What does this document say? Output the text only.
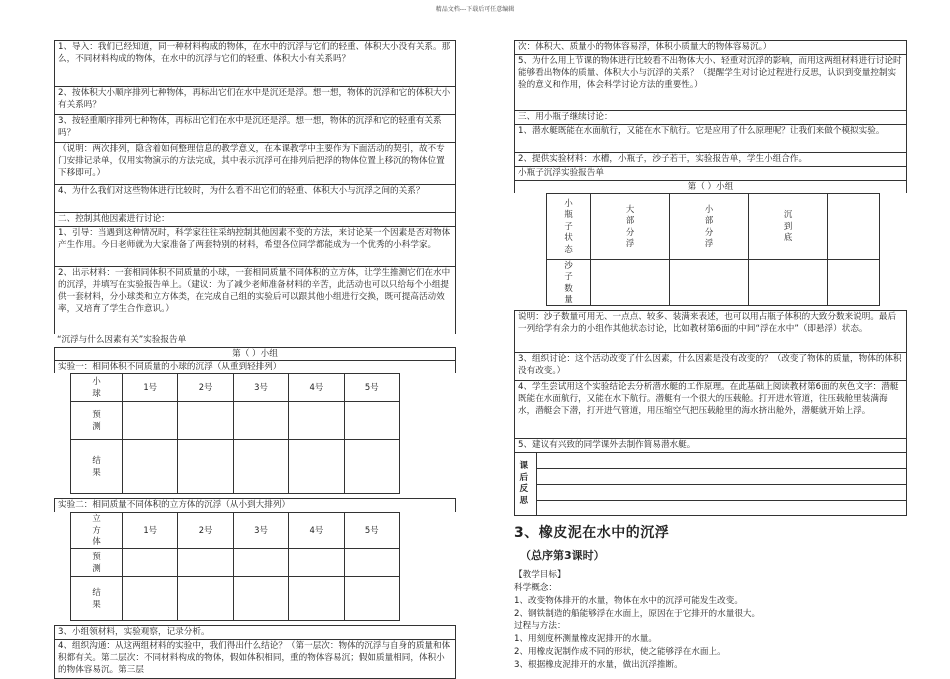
精品文档---下载后可任意编辑
1、导入：我们已经知道，同一种材料构成的物体，在水中的沉浮与它们的轻重、体积大小没有关系。那么，不同材料构成的物体，在水中的沉浮与它们的轻重、体积大小有关系吗？
2、按体积大小顺序排列七种物体，再标出它们在水中是沉还是浮。想一想，物体的沉浮和它的体积大小有关系吗？
3、按轻重顺序排列七种物体，再标出它们在水中是沉还是浮。想一想，物体的沉浮和它的轻重有关系吗？
（说明：两次排列，隐含着如何整理信息的教学意义，在本课教学中主要作为下面活动的契引，故不专门安排记录单，仅用实物演示的方法完成，其中表示沉浮可在排列后把浮的物体位置上移沉的物体位置下移即可。）
4、为什么我们对这些物体进行比较时，为什么看不出它们的轻重、体积大小与沉浮之间的关系？
二、控制其他因素进行讨论：
1、引导：当遇到这种情况时，科学家往往采纳控制其他因素不变的方法，来讨论某一个因素是否对物体产生作用。今日老师就为大家准备了两套特别的材料，希望各位同学都能成为一个优秀的小科学家。
2、出示材料：一套相同体积不同质量的小球，一套相同质量不同体积的立方体，让学生推测它们在水中的沉浮，并填写在实验报告单上。（建议：为了减少老师准备材料的辛苦，此活动也可以只给每个小组提供一套材料，分小球类和立方体类，在完成自己组的实验后可以跟其他小组进行交换，既可提高活动效率，又培育了学生合作意识。）
“沉浮与什么因素有关”实验报告单
第（ ）小组
实验一：相同体积不同质量的小球的沉浮（从重到轻排列）
小球	1号	2号	3号	4号	5号

预测					

结果					

实验二：相同质量不同体积的立方体的沉浮（从小到大排列）
立方体	1号	2号	3号	4号	5号

预测					

结果					

3、小组领材料，实验观察，记录分析。
4、组织沟通：从这两组材料的实验中，我们得出什么结论？（第一层次：物体的沉浮与自身的质量和体积都有关。第二层次：不同材料构成的物体，假如体积相同，重的物体容易沉；假如质量相同，体积小的物体容易沉。第三层
次：体积大、质量小的物体容易浮，体积小质量大的物体容易沉。）
5、为什么用上节课的物体进行比较看不出物体大小、轻重对沉浮的影响，而用这两组材料进行讨论时能够看出物体的质量、体积大小与沉浮的关系？（提醒学生对讨论过程进行反思，认识到变量控制实验的意义和作用，体会科学讨论方法的重要性。）
三、用小瓶子继续讨论：
1、潜水艇既能在水面航行，又能在水下航行。它是应用了什么原理呢？让我们来做个模拟实验。
2、提供实验材料：水槽，小瓶子，沙子若干，实验报告单，学生小组合作。
小瓶子沉浮实验报告单
第（ ）小组
小瓶子状态	大部分浮	小部分浮	沉到底	

沙子数量				

说明：沙子数量可用无、一点点、较多、装满来表述，也可以用占瓶子体积的大致分数来说明。最后一列给学有余力的小组作其他状态讨论，比如教材第6面的中间“浮在水中”（即悬浮）状态。
3、组织讨论：这个活动改变了什么因素，什么因素是没有改变的？（改变了物体的质量，物体的体积没有改变。）
4、学生尝试用这个实验结论去分析潜水艇的工作原理。在此基础上阅读教材第6面的灰色文字：潜艇既能在水面航行，又能在水下航行。潜艇有一个很大的压载舱。打开进水管道，往压载舱里装满海水，潜艇会下潜，打开进气管道，用压缩空气把压载舱里的海水挤出舱外，潜艇就开始上浮。
5、建议有兴致的同学课外去制作简易潜水艇。
课后反思
3、橡皮泥在水中的沉浮
（总序第3课时）
【教学目标】
科学概念：
1、改变物体排开的水量，物体在水中的沉浮可能发生改变。
2、钢铁制造的船能够浮在水面上，原因在于它排开的水量很大。
过程与方法：
1、用刻度杯测量橡皮泥排开的水量。
2、用橡皮泥制作成不同的形状，使之能够浮在水面上。
3、根据橡皮泥排开的水量，做出沉浮推断。
